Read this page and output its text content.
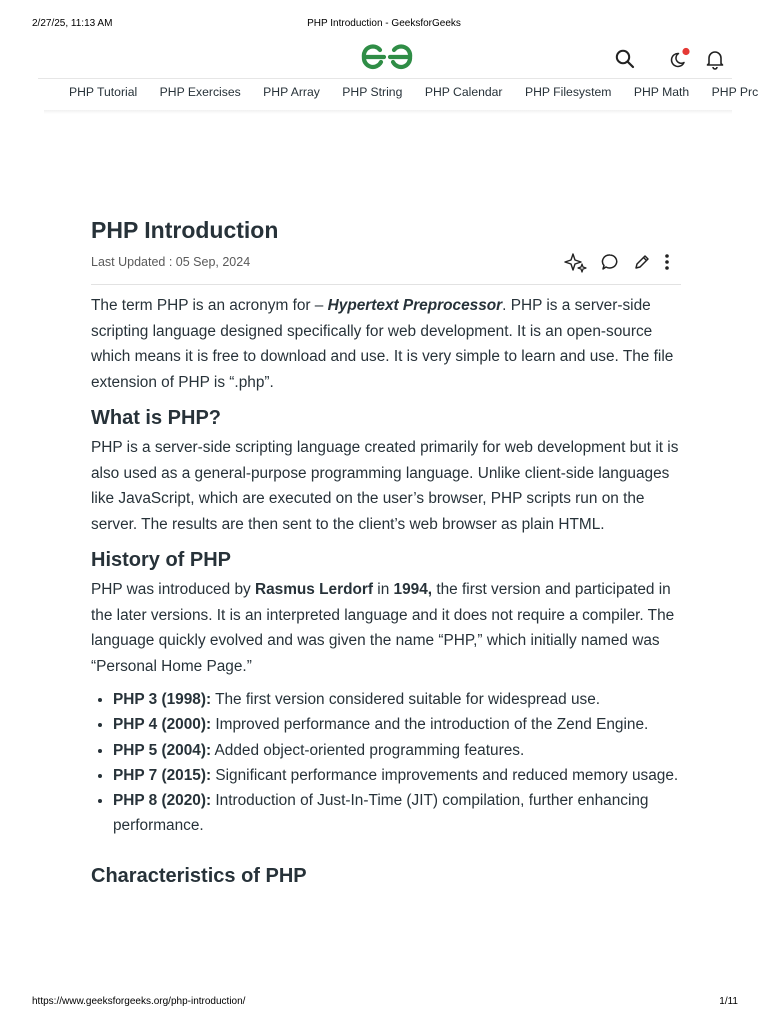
2/27/25, 11:13 AM	PHP Introduction - GeeksforGeeks
PHP Tutorial PHP Exercises PHP Array PHP String PHP Calendar PHP Filesystem PHP Math PHP Prc
PHP Introduction
Last Updated : 05 Sep, 2024

The term PHP is an acronym for – Hypertext Preprocessor. PHP is a server-side scripting language designed specifically for web development. It is an open-source which means it is free to download and use. It is very simple to learn and use. The file extension of PHP is “.php”.

What is PHP?

PHP is a server-side scripting language created primarily for web development but it is also used as a general-purpose programming language. Unlike client-side languages like JavaScript, which are executed on the user’s browser, PHP scripts run on the server. The results are then sent to the client’s web browser as plain HTML.

History of PHP

PHP was introduced by Rasmus Lerdorf in 1994, the first version and participated in the later versions. It is an interpreted language and it does not require a compiler. The language quickly evolved and was given the name “PHP,” which initially named was “Personal Home Page.”

• PHP 3 (1998): The first version considered suitable for widespread use.
• PHP 4 (2000): Improved performance and the introduction of the Zend Engine.
• PHP 5 (2004): Added object-oriented programming features.
• PHP 7 (2015): Significant performance improvements and reduced memory usage.
• PHP 8 (2020): Introduction of Just-In-Time (JIT) compilation, further enhancing performance.
Characteristics of PHP
https://www.geeksforgeeks.org/php-introduction/	1/11
